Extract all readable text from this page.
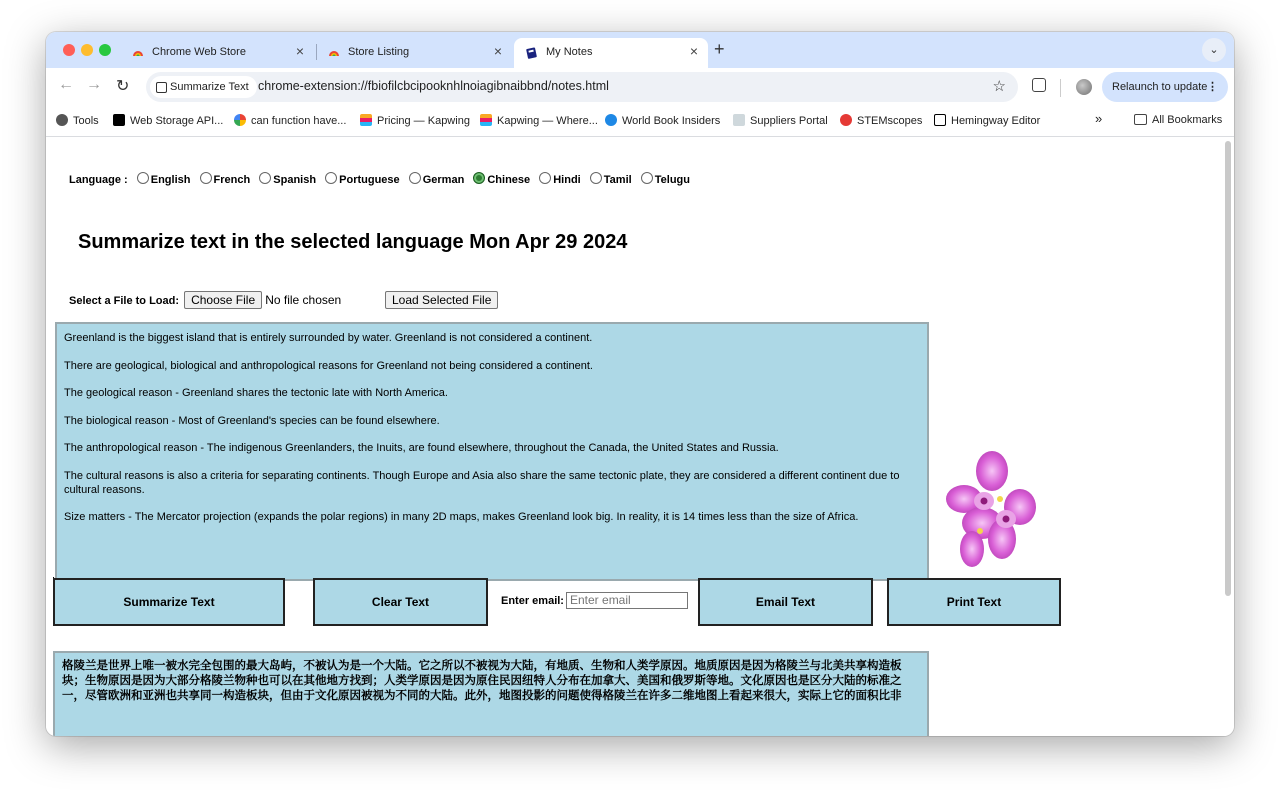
Chrome Web Store	×	Store Listing	×	My Notes	× +	⌄
← → ↻	Summarize Text chrome-extension://fbiofilcbcipooknhlnoiagibnaibbnd/notes.html	☆	Relaunch to update ⋮
Tools	Web Storage API...	can function have...	Pricing — Kapwing	Kapwing — Where...	World Book Insiders	Suppliers Portal	STEMscopes	Hemingway Editor	»	All Bookmarks
Language : English French Spanish Portuguese German Chinese Hindi Tamil Telugu
Summarize text in the selected language Mon Apr 29 2024
Select a File to Load: Choose File No file chosen	Load Selected File

Greenland is the biggest island that is entirely surrounded by water. Greenland is not considered a continent.

There are geological, biological and anthropological reasons for Greenland not being considered a continent.

The geological reason - Greenland shares the tectonic late with North America.

The biological reason - Most of Greenland's species can be found elsewhere.

The anthropological reason - The indigenous Greenlanders, the Inuits, are found elsewhere, throughout the Canada, the United States and Russia.

The cultural reasons is also a criteria for separating continents. Though Europe and Asia also share the same tectonic plate, they are considered a different continent due to cultural reasons.

Size matters - The Mercator projection (expands the polar regions) in many 2D maps, makes Greenland look big. In reality, it is 14 times less than the size of Africa.

Summarize Text	Clear Text	Enter email:
Enter email	Email Text	Print Text
格陵兰是世界上唯一被水完全包围的最大岛屿，不被认为是一个大陆。它之所以不被视为大陆，有地质、生物和人类学原因。地质原因是因为格陵兰与北美共享构造板块；生物原因是因为大部分格陵兰物种也可以在其他地方找到；人类学原因是因为原住民因纽特人分布在加拿大、美国和俄罗斯等地。文化原因也是区分大陆的标准之一，尽管欧洲和亚洲也共享同一构造板块，但由于文化原因被视为不同的大陆。此外，地图投影的问题使得格陵兰在许多二维地图上看起来很大，实际上它的面积比非
